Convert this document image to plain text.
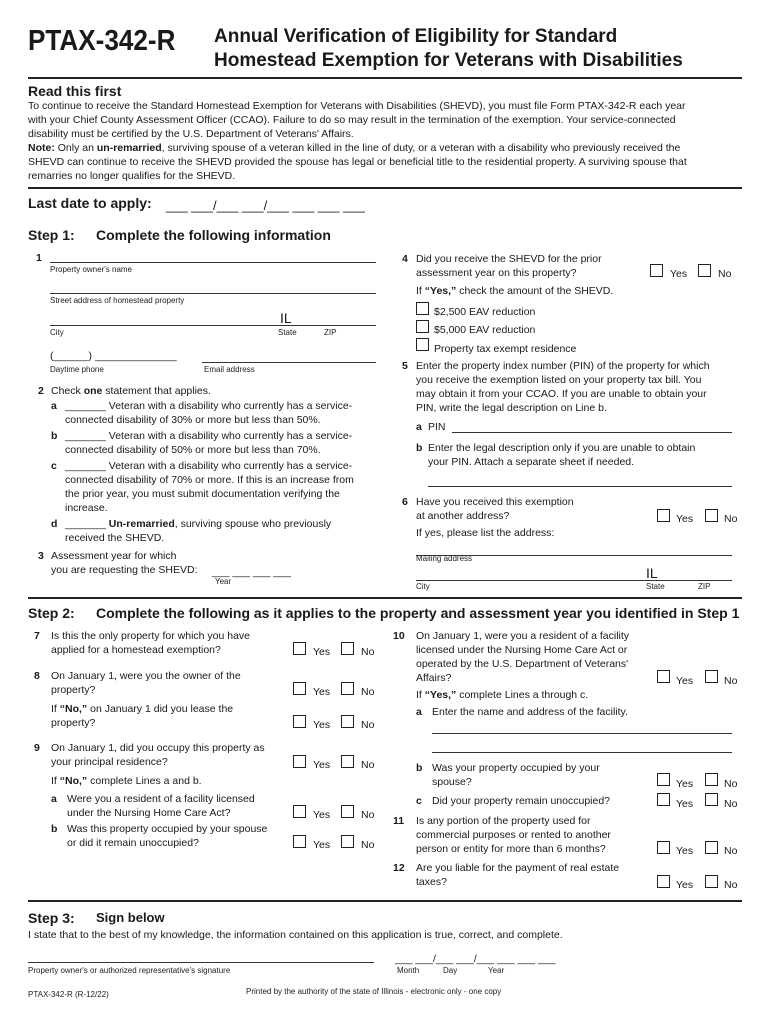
PTAX-342-R Annual Verification of Eligibility for Standard
Homestead Exemption for Veterans with Disabilities
Read this first
To continue to receive the Standard Homestead Exemption for Veterans with Disabilities (SHEVD), you must file Form PTAX-342-R each year
with your Chief County Assessment Officer (CCAO). Failure to do so may result in the termination of the exemption. Your service-connected
disability must be certified by the U.S. Department of Veterans' Affairs.
Note: Only an un-remarried, surviving spouse of a veteran killed in the line of duty, or a veteran with a disability who previously received the
SHEVD can continue to receive the SHEVD provided the spouse has legal or beneficial title to the residential property. A surviving spouse that
remarries no longer qualifies for the SHEVD.
Last date to apply: ___ ___/___ ___/___ ___ ___ ___
Step 1: Complete the following information
1
Property owner's name
Street address of homestead property
IL
City	State	ZIP
(______) ______________
Daytime phone	Email address
2 Check one statement that applies.
a _______ Veteran with a disability who currently has a service-
connected disability of 30% or more but less than 50%.
b _______ Veteran with a disability who currently has a service-
connected disability of 50% or more but less than 70%.
c _______ Veteran with a disability who currently has a service-
connected disability of 70% or more. If this is an increase from
the prior year, you must submit documentation verifying the
increase.
d _______ Un-remarried, surviving spouse who previously
received the SHEVD.
3 Assessment year for which
you are requesting the SHEVD: ___ ___ ___ ___
Year
4 Did you receive the SHEVD for the prior
assessment year on this property?	Yes	No
If “Yes,” check the amount of the SHEVD.
$2,500 EAV reduction
$5,000 EAV reduction
Property tax exempt residence
5 Enter the property index number (PIN) of the property for which
you receive the exemption listed on your property tax bill. You
may obtain it from your CCAO. If you are unable to obtain your
PIN, write the legal description on Line b.
a PIN
b Enter the legal description only if you are unable to obtain
your PIN. Attach a separate sheet if needed.
6 Have you received this exemption
at another address?	Yes	No
If yes, please list the address:
Mailing address
IL
City	State	ZIP
Step 2: Complete the following as it applies to the property and assessment year you identified in Step 1
7 Is this the only property for which you have
applied for a homestead exemption?	Yes	No
8 On January 1, were you the owner of the
property?	Yes	No
If “No,” on January 1 did you lease the
property?	Yes	No
9 On January 1, did you occupy this property as
your principal residence?	Yes	No
If “No,” complete Lines a and b.
a Were you a resident of a facility licensed
under the Nursing Home Care Act?	Yes	No
b Was this property occupied by your spouse
or did it remain unoccupied?	Yes	No
10 On January 1, were you a resident of a facility
licensed under the Nursing Home Care Act or
operated by the U.S. Department of Veterans'
Affairs?	Yes	No
If “Yes,” complete Lines a through c.
a Enter the name and address of the facility.
b Was your property occupied by your
spouse?	Yes	No
c Did your property remain unoccupied?	Yes	No
11 Is any portion of the property used for
commercial purposes or rented to another
person or entity for more than 6 months?	Yes	No
12 Are you liable for the payment of real estate
taxes?	Yes	No
Step 3: Sign below
I state that to the best of my knowledge, the information contained on this application is true, correct, and complete.
Property owner's or authorized representative's signature
___ ___/___ ___/___ ___ ___ ___
Month	Day	Year
PTAX-342-R (R-12/22)	Printed by the authority of the state of Illinois - electronic only - one copy
